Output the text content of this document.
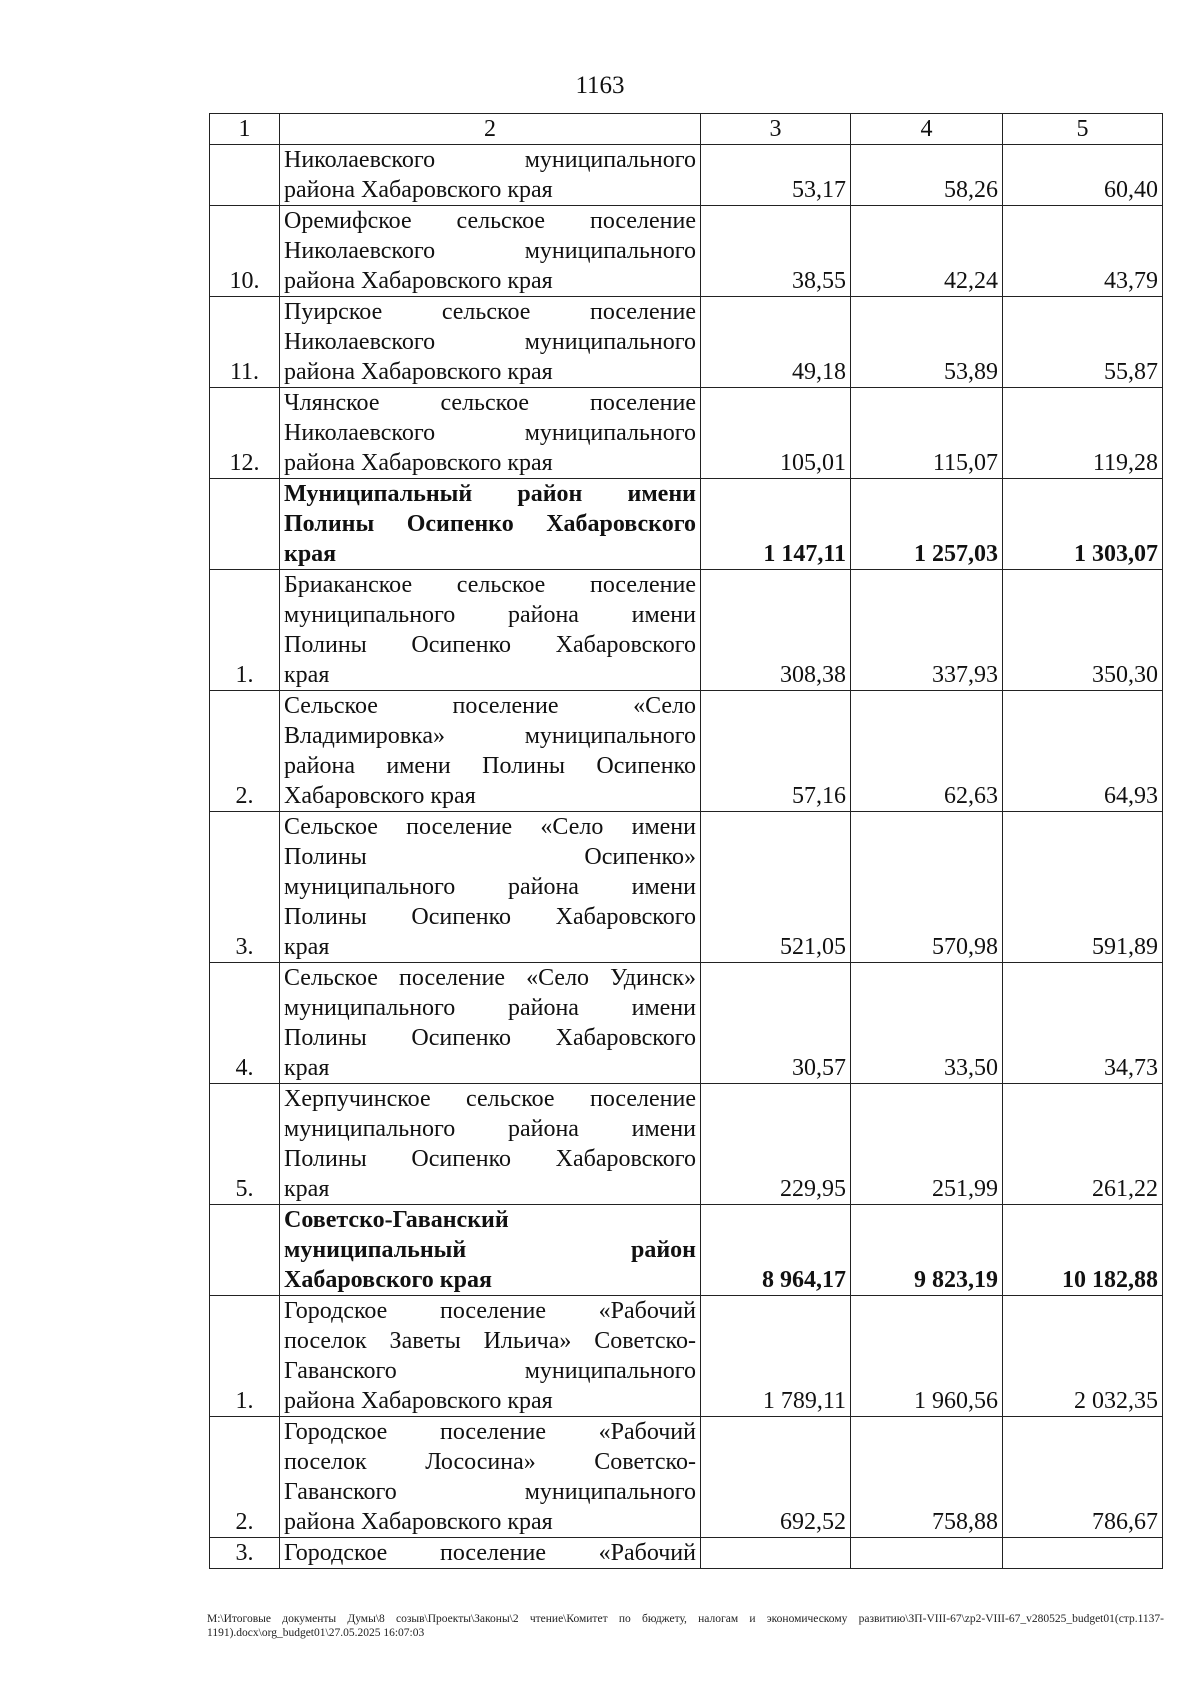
1163
1	2	3	4	5

	Николаевского муниципального
района Хабаровского края	53,17	58,26	60,40
10.	Оремифское сельское поселение
Николаевского муниципального
района Хабаровского края	38,55	42,24	43,79
11.	Пуирское сельское поселение
Николаевского муниципального
района Хабаровского края	49,18	53,89	55,87
12.	Члянское сельское поселение
Николаевского муниципального
района Хабаровского края	105,01	115,07	119,28

	Муниципальный район имени
Полины Осипенко Хабаровского
края	1 147,11	1 257,03	1 303,07
1.	Бриаканское сельское поселение
муниципального района имени
Полины Осипенко Хабаровского
края	308,38	337,93	350,30
2.	Сельское поселение «Село
Владимировка» муниципального
района имени Полины Осипенко
Хабаровского края	57,16	62,63	64,93
3.	Сельское поселение «Село имени
Полины Осипенко»
муниципального района имени
Полины Осипенко Хабаровского
края	521,05	570,98	591,89
4.	Сельское поселение «Село Удинск»
муниципального района имени
Полины Осипенко Хабаровского
края	30,57	33,50	34,73
5.	Херпучинское сельское поселение
муниципального района имени
Полины Осипенко Хабаровского
края	229,95	251,99	261,22

	Советско-Гаванский
муниципальный район
Хабаровского края	8 964,17	9 823,19	10 182,88
1.	Городское поселение «Рабочий
поселок Заветы Ильича» Советско-
Гаванского муниципального
района Хабаровского края	1 789,11	1 960,56	2 032,35
2.	Городское поселение «Рабочий
поселок Лососина» Советско-
Гаванского муниципального
района Хабаровского края	692,52	758,88	786,67
3.	Городское поселение «Рабочий			

M:\Итоговые документы Думы\8 созыв\Проекты\Законы\2 чтение\Комитет по бюджету, налогам и экономическому развитию\ЗП-VIII-67\zp2-VIII-67_v280525_budget01(стр.1137-1191).docx\org_budget01\27.05.2025 16:07:03
